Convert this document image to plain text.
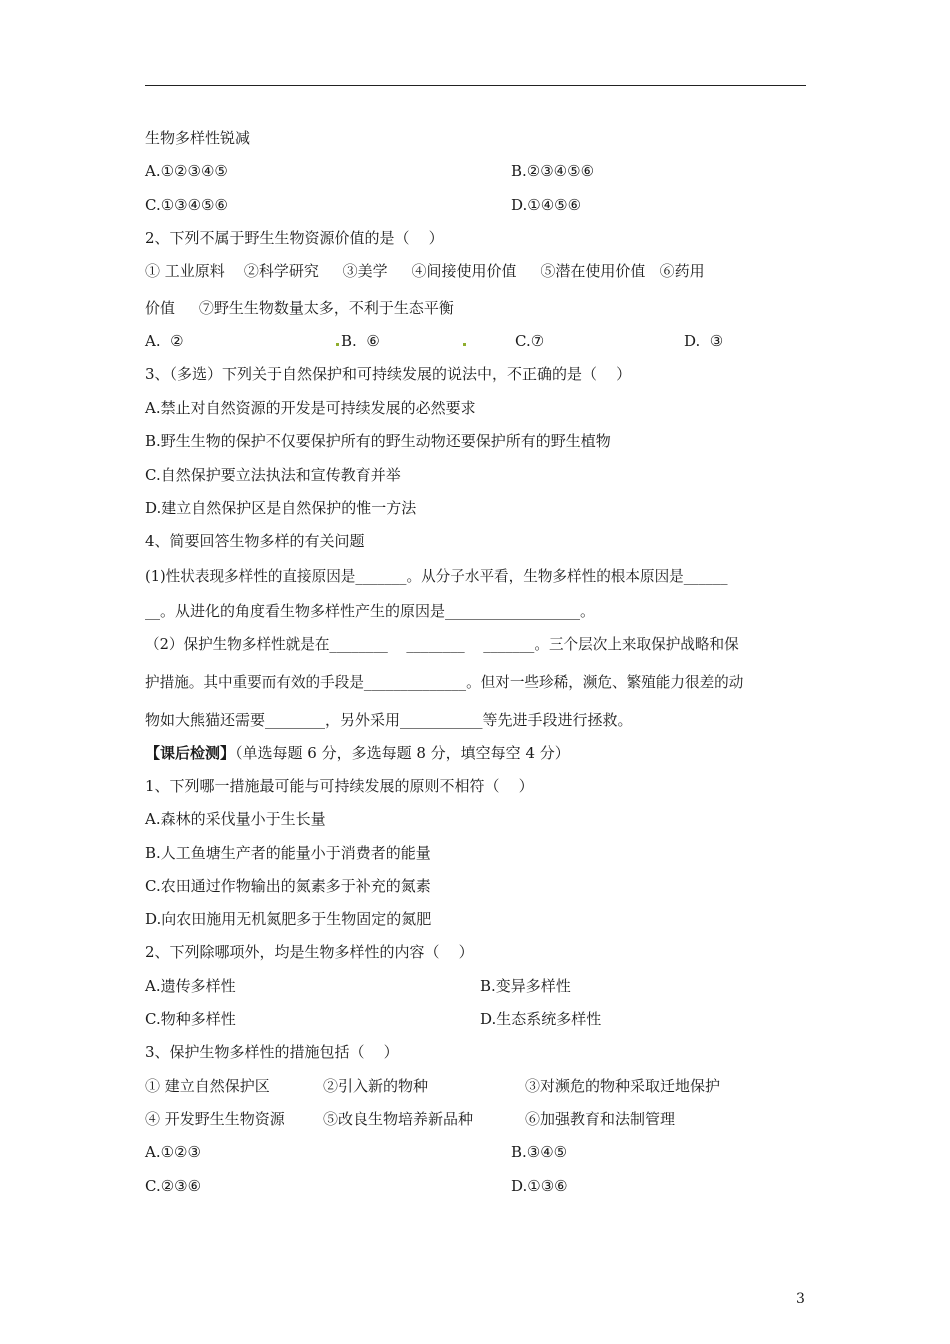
生物多样性锐减
A.①②③④⑤	B.②③④⑤⑥
C.①③④⑤⑥	D.①④⑤⑥
2、下列不属于野生生物资源价值的是（    ）
① 工业原料    ②科学研究     ③美学     ④间接使用价值     ⑤潜在使用价值   ⑥药用
价值     ⑦野生生物数量太多，不利于生态平衡
A.  ②	B.  ⑥	C.⑦	D.  ③
3、（多选）下列关于自然保护和可持续发展的说法中，不正确的是（    ）
A.禁止对自然资源的开发是可持续发展的必然要求
B.野生生物的保护不仅要保护所有的野生动物还要保护所有的野生植物
C.自然保护要立法执法和宣传教育并举
D.建立自然保护区是自然保护的惟一方法
4、简要回答生物多样的有关问题
(1)性状表现多样性的直接原因是_______。从分子水平看，生物多样性的根本原因是______
__。从进化的角度看生物多样性产生的原因是__________________。
（2）保护生物多样性就是在________    ________    _______。三个层次上来取保护战略和保
护措施。其中重要而有效的手段是______________。但对一些珍稀，濒危、繁殖能力很差的动
物如大熊猫还需要________，另外采用___________等先进手段进行拯救。
【课后检测】（单选每题 6 分，多选每题 8 分，填空每空 4 分）
1、下列哪一措施最可能与可持续发展的原则不相符（    ）
A.森林的采伐量小于生长量
B.人工鱼塘生产者的能量小于消费者的能量
C.农田通过作物输出的氮素多于补充的氮素
D.向农田施用无机氮肥多于生物固定的氮肥
2、下列除哪项外，均是生物多样性的内容（    ）
A.遗传多样性	B.变异多样性
C.物种多样性	D.生态系统多样性
3、保护生物多样性的措施包括（    ）
① 建立自然保护区	②引入新的物种	③对濒危的物种采取迁地保护
④ 开发野生生物资源	⑤改良生物培养新品种	⑥加强教育和法制管理
A.①②③	B.③④⑤
C.②③⑥	D.①③⑥
3
